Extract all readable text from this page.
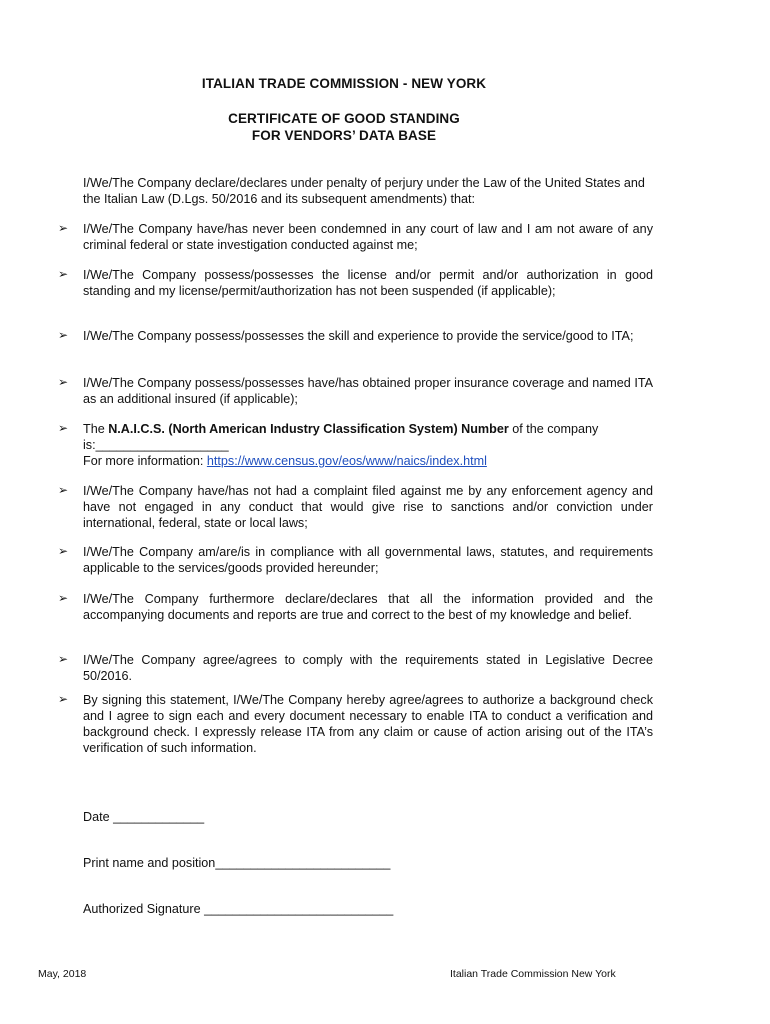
ITALIAN TRADE COMMISSION - NEW YORK
CERTIFICATE OF GOOD STANDING
FOR VENDORS’ DATA BASE
I/We/The Company declare/declares under penalty of perjury under the Law of the United States and the Italian Law (D.Lgs. 50/2016 and its subsequent amendments) that:
➢	I/We/The Company have/has never been condemned in any court of law and I am not aware of any criminal federal or state investigation conducted against me;
➢	I/We/The Company possess/possesses the license and/or permit and/or authorization in good standing and my license/permit/authorization has not been suspended (if applicable);
➢	I/We/The Company possess/possesses the skill and experience to provide the service/good to ITA;
➢	I/We/The Company possess/possesses have/has obtained proper insurance coverage and named ITA as an additional insured (if applicable);
➢	The N.A.I.C.S. (North American Industry Classification System) Number of the company is:___________________
For more information: https://www.census.gov/eos/www/naics/index.html
➢	I/We/The Company have/has not had a complaint filed against me by any enforcement agency and have not engaged in any conduct that would give rise to sanctions and/or conviction under international, federal, state or local laws;
➢	I/We/The Company am/are/is in compliance with all governmental laws, statutes, and requirements applicable to the services/goods provided hereunder;
➢	I/We/The Company furthermore declare/declares that all the information provided and the accompanying documents and reports are true and correct to the best of my knowledge and belief.
➢	I/We/The Company agree/agrees to comply with the requirements stated in Legislative Decree 50/2016.
➢	By signing this statement, I/We/The Company hereby agree/agrees to authorize a background check and I agree to sign each and every document necessary to enable ITA to conduct a verification and background check. I expressly release ITA from any claim or cause of action arising out of the ITA’s verification of such information.
Date _____________
Print name and position_________________________
Authorized Signature ___________________________
May, 2018	Italian Trade Commission New York
